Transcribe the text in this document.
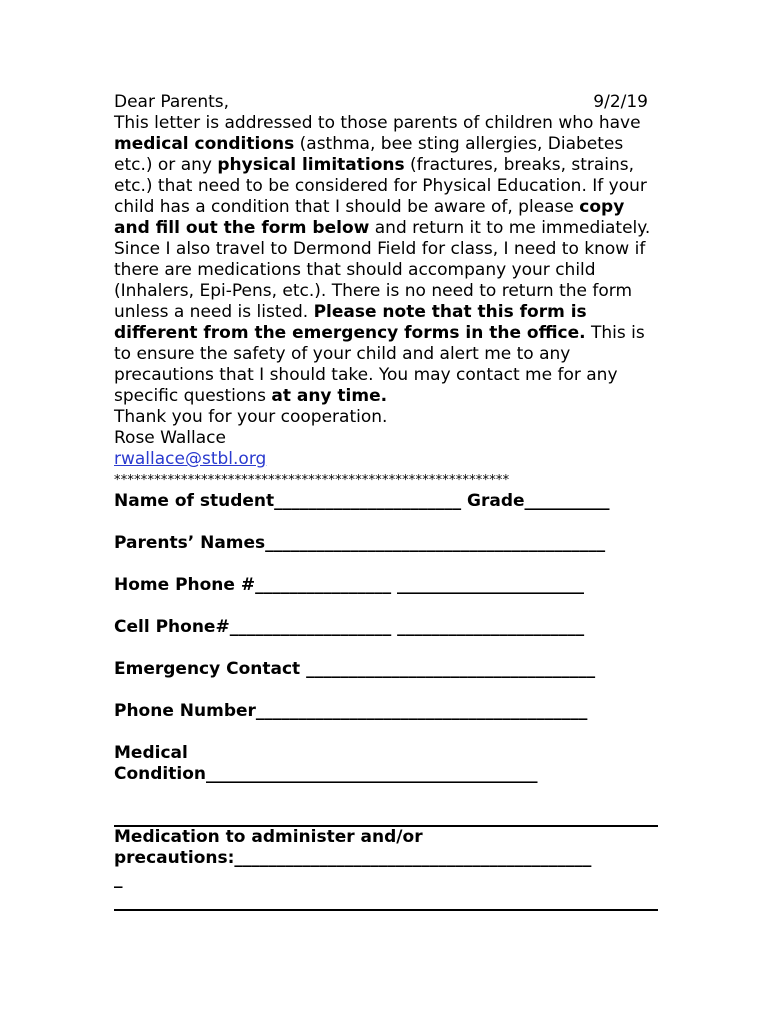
Dear Parents,	9/2/19

This letter is addressed to those parents of children who have medical conditions (asthma, bee sting allergies, Diabetes etc.) or any physical limitations (fractures, breaks, strains, etc.) that need to be considered for Physical Education. If your child has a condition that I should be aware of, please copy and fill out the form below and return it to me immediately. Since I also travel to Dermond Field for class, I need to know if there are medications that should accompany your child (Inhalers, Epi-Pens, etc.). There is no need to return the form unless a need is listed. Please note that this form is different from the emergency forms in the office. This is to ensure the safety of your child and alert me to any precautions that I should take. You may contact me for any specific questions at any time.

Thank you for your cooperation.

Rose Wallace

rwallace@stbl.org

***********************************************************
Name of student______________________ Grade__________
Parents’ Names________________________________________
Home Phone #________________ ______________________
Cell Phone#___________________ ______________________
Emergency Contact __________________________________
Phone Number_______________________________________
Medical
Condition_______________________________________
Medication to administer and/or
precautions:__________________________________________
_
